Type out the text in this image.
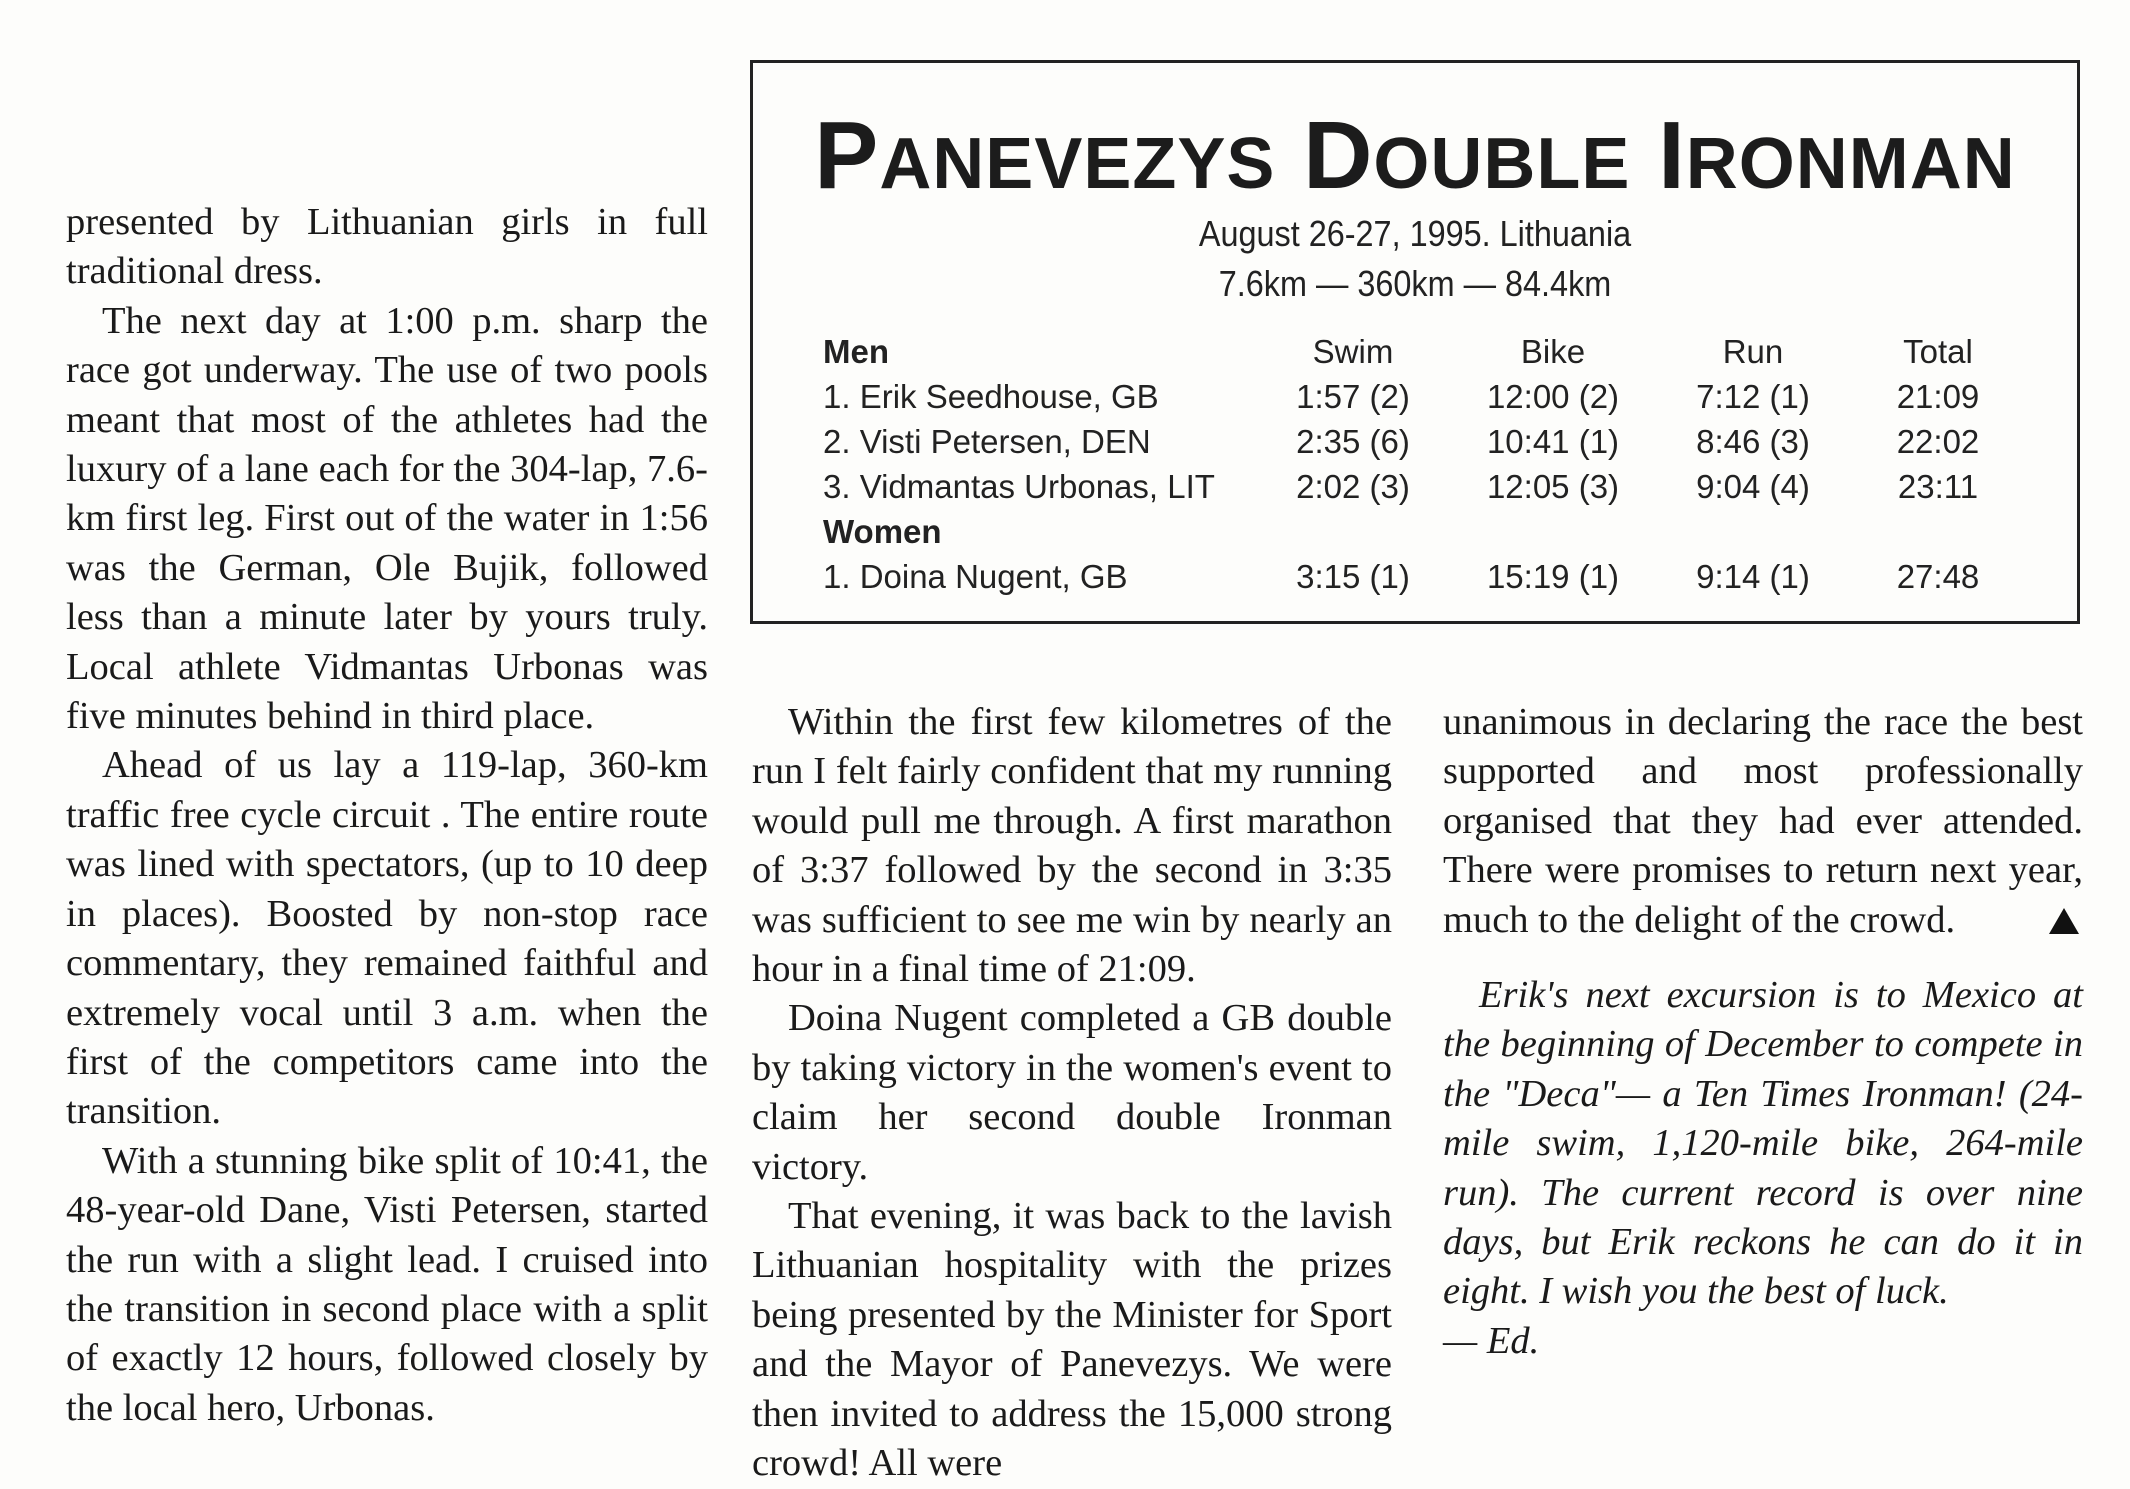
presented by Lithuanian girls in full traditional dress.

The next day at 1:00 p.m. sharp the race got underway. The use of two pools meant that most of the athletes had the luxury of a lane each for the 304-lap, 7.6-km first leg. First out of the water in 1:56 was the German, Ole Bujik, followed less than a minute later by yours truly. Local athlete Vidmantas Urbonas was five minutes behind in third place.

Ahead of us lay a 119-lap, 360-km traffic free cycle circuit . The entire route was lined with spectators, (up to 10 deep in places). Boosted by non-stop race commentary, they remained faithful and extremely vocal until 3 a.m. when the first of the competitors came into the transition.

With a stunning bike split of 10:41, the 48-year-old Dane, Visti Petersen, started the run with a slight lead. I cruised into the transition in second place with a split of exactly 12 hours, followed closely by the local hero, Urbonas.

PANEVEZYS DOUBLE IRONMAN
August 26-27, 1995. Lithuania
7.6km — 360km — 84.4km
Men	Swim	Bike	Run	Total
1. Erik Seedhouse, GB	1:57 (2)	12:00 (2)	7:12 (1)	21:09
2. Visti Petersen, DEN	2:35 (6)	10:41 (1)	8:46 (3)	22:02
3. Vidmantas Urbonas, LIT	2:02 (3)	12:05 (3)	9:04 (4)	23:11
Women				
1. Doina Nugent, GB	3:15 (1)	15:19 (1)	9:14 (1)	27:48

Within the first few kilometres of the run I felt fairly confident that my running would pull me through. A first marathon of 3:37 followed by the second in 3:35 was sufficient to see me win by nearly an hour in a final time of 21:09.

Doina Nugent completed a GB double by taking victory in the women's event to claim her second double Ironman victory.

That evening, it was back to the lavish Lithuanian hospitality with the prizes being presented by the Minister for Sport and the Mayor of Panevezys. We were then invited to address the 15,000 strong crowd! All were

unanimous in declaring the race the best supported and most professionally organised that they had ever attended. There were promises to return next year, much to the delight of the crowd.

Erik's next excursion is to Mexico at the beginning of December to compete in the "Deca"— a Ten Times Ironman! (24-mile swim, 1,120-mile bike, 264-mile run). The current record is over nine days, but Erik reckons he can do it in eight. I wish you the best of luck.

— Ed.
